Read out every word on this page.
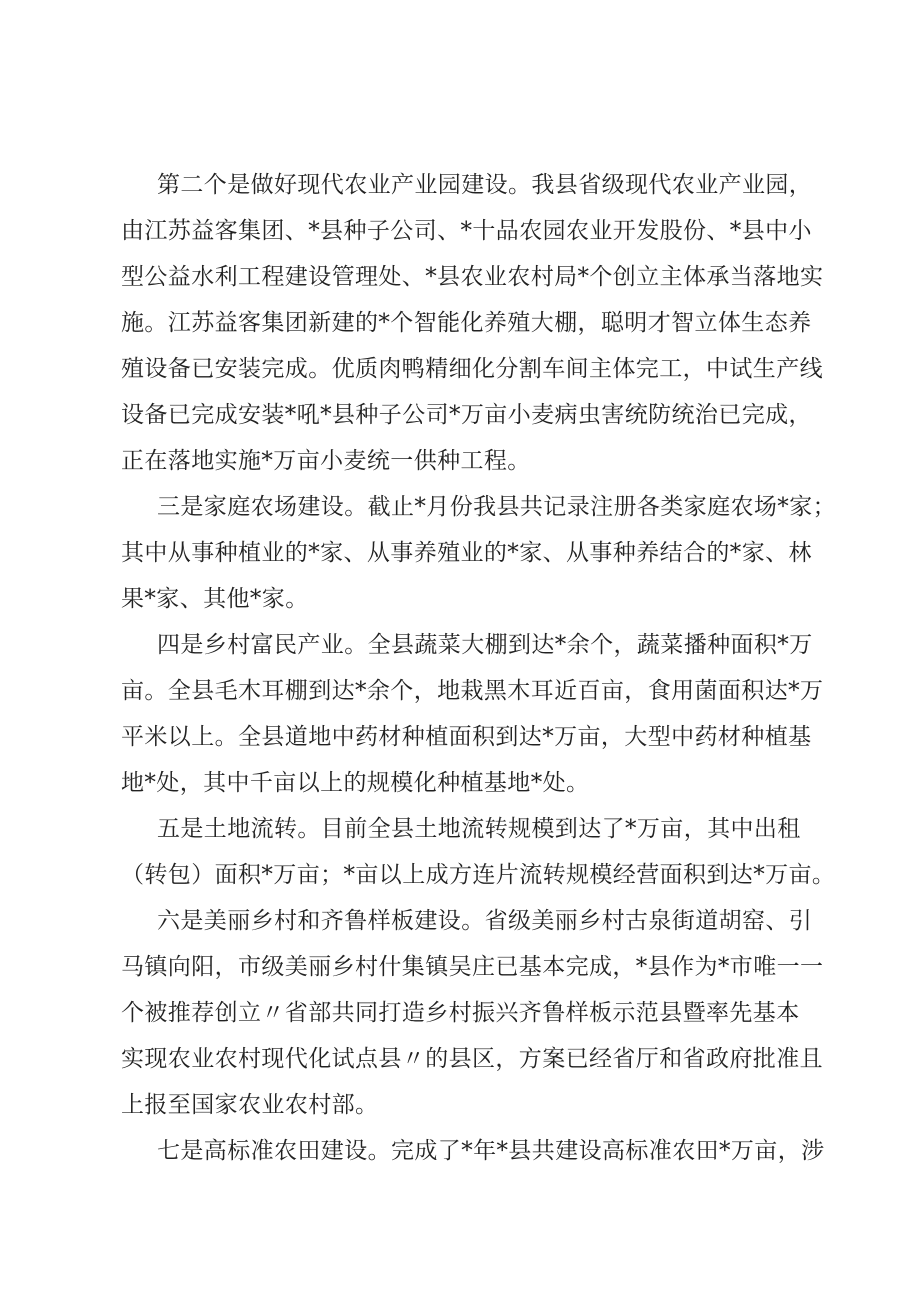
第二个是做好现代农业产业园建设。我县省级现代农业产业园，
由江苏益客集团、*县种子公司、*十品农园农业开发股份、*县中小
型公益水利工程建设管理处、*县农业农村局*个创立主体承当落地实
施。江苏益客集团新建的*个智能化养殖大棚，聪明才智立体生态养
殖设备已安装完成。优质肉鸭精细化分割车间主体完工，中试生产线
设备已完成安装*吼*县种子公司*万亩小麦病虫害统防统治已完成，
正在落地实施*万亩小麦统一供种工程。
三是家庭农场建设。截止*月份我县共记录注册各类家庭农场*家；
其中从事种植业的*家、从事养殖业的*家、从事种养结合的*家、林
果*家、其他*家。
四是乡村富民产业。全县蔬菜大棚到达*余个，蔬菜播种面积*万
亩。全县毛木耳棚到达*余个，地栽黑木耳近百亩，食用菌面积达*万
平米以上。全县道地中药材种植面积到达*万亩，大型中药材种植基
地*处，其中千亩以上的规模化种植基地*处。
五是土地流转。目前全县土地流转规模到达了*万亩，其中出租
（转包）面积*万亩；*亩以上成方连片流转规模经营面积到达*万亩。
六是美丽乡村和齐鲁样板建设。省级美丽乡村古泉街道胡窑、引
马镇向阳，市级美丽乡村什集镇吴庄已基本完成，*县作为*市唯一一
个被推荐创立〃省部共同打造乡村振兴齐鲁样板示范县暨率先基本
实现农业农村现代化试点县〃的县区，方案已经省厅和省政府批准且
上报至国家农业农村部。
七是高标准农田建设。完成了*年*县共建设高标准农田*万亩，涉
